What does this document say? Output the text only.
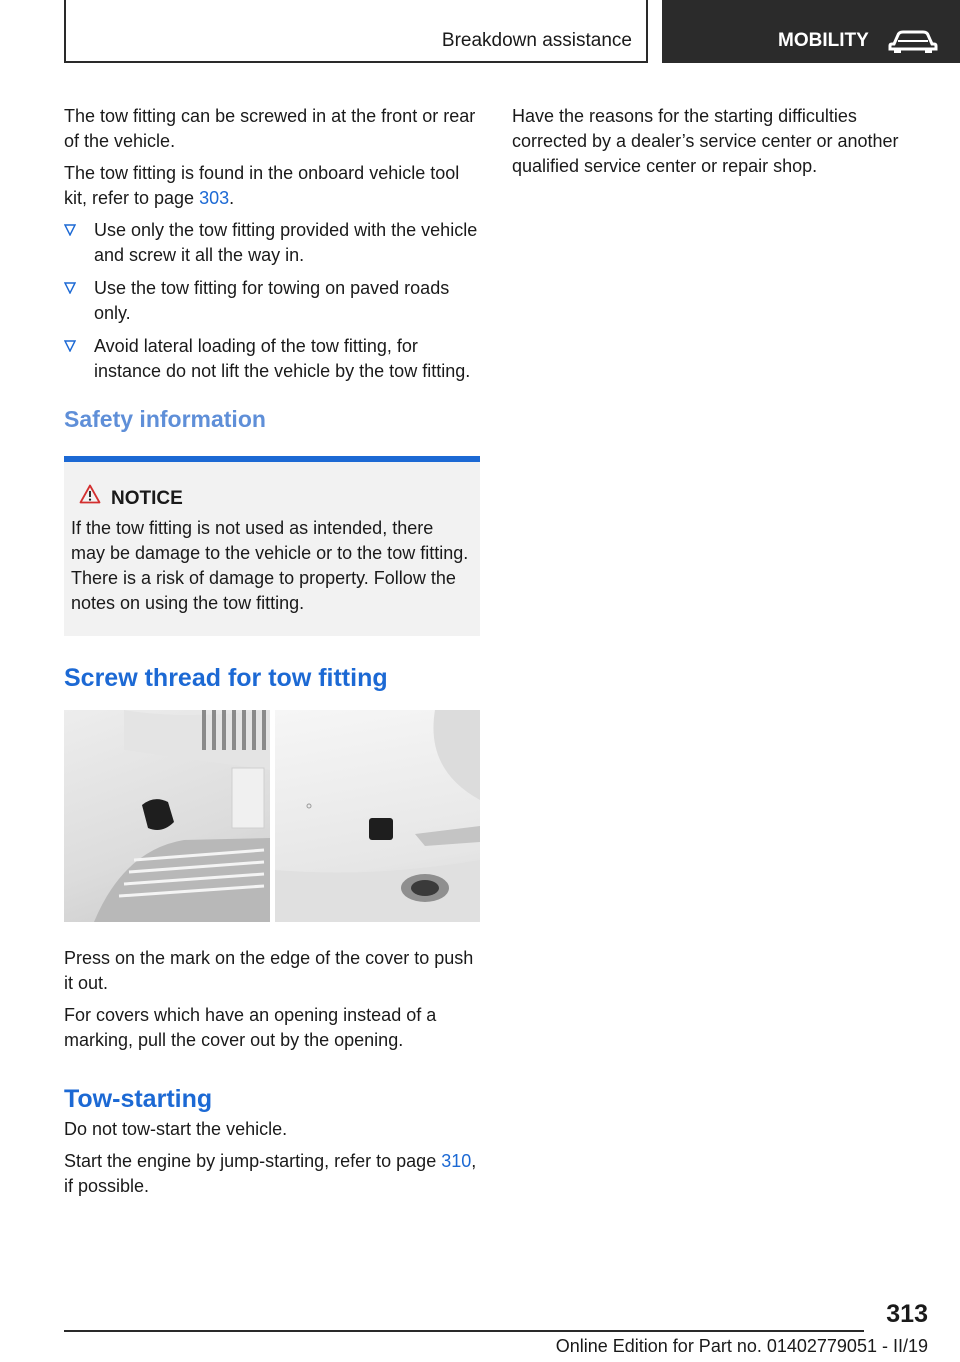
Breakdown assistance	MOBILITY

The tow fitting can be screwed in at the front or rear of the vehicle.

The tow fitting is found in the onboard vehicle tool kit, refer to page 303.

Use only the tow fitting provided with the vehicle and screw it all the way in.
Use the tow fitting for towing on paved roads only.
Avoid lateral loading of the tow fitting, for instance do not lift the vehicle by the tow fitting.
Safety information
NOTICE
If the tow fitting is not used as intended, there may be damage to the vehicle or to the tow fitting. There is a risk of damage to property. Follow the notes on using the tow fitting.
Screw thread for tow fitting

Press on the mark on the edge of the cover to push it out.

For covers which have an opening instead of a marking, pull the cover out by the opening.

Tow-starting

Do not tow-start the vehicle.

Start the engine by jump-starting, refer to page 310, if possible.

Have the reasons for the starting difficulties corrected by a dealer’s service center or another qualified service center or repair shop.

313
Online Edition for Part no. 01402779051 - II/19
